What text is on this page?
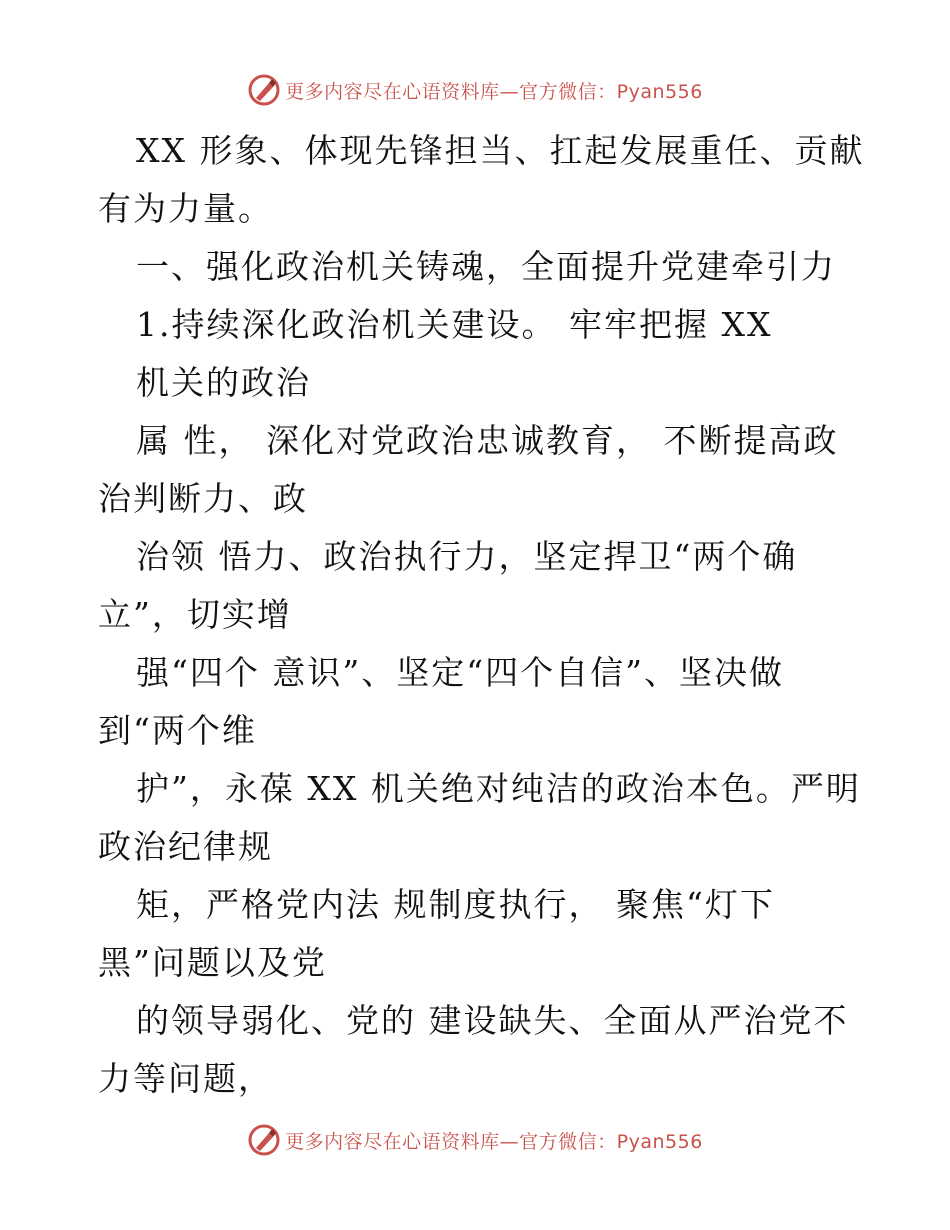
更多内容尽在心语资料库—官方微信：Pyan556
XX 形象、体现先锋担当、扛起发展重任、贡献
有为力量。
一、强化政治机关铸魂，全面提升党建牵引力
1.持续深化政治机关建设。 牢牢把握 XX
机关的政治
属 性， 深化对党政治忠诚教育， 不断提高政
治判断力、政
治领 悟力、政治执行力，坚定捍卫“两个确
立”，切实增
强“四个 意识”、坚定“四个自信”、坚决做
到“两个维
护”，永葆 XX 机关绝对纯洁的政治本色。严明
政治纪律规
矩，严格党内法 规制度执行， 聚焦“灯下
黑”问题以及党
的领导弱化、党的 建设缺失、全面从严治党不
力等问题，
更多内容尽在心语资料库—官方微信：Pyan556
